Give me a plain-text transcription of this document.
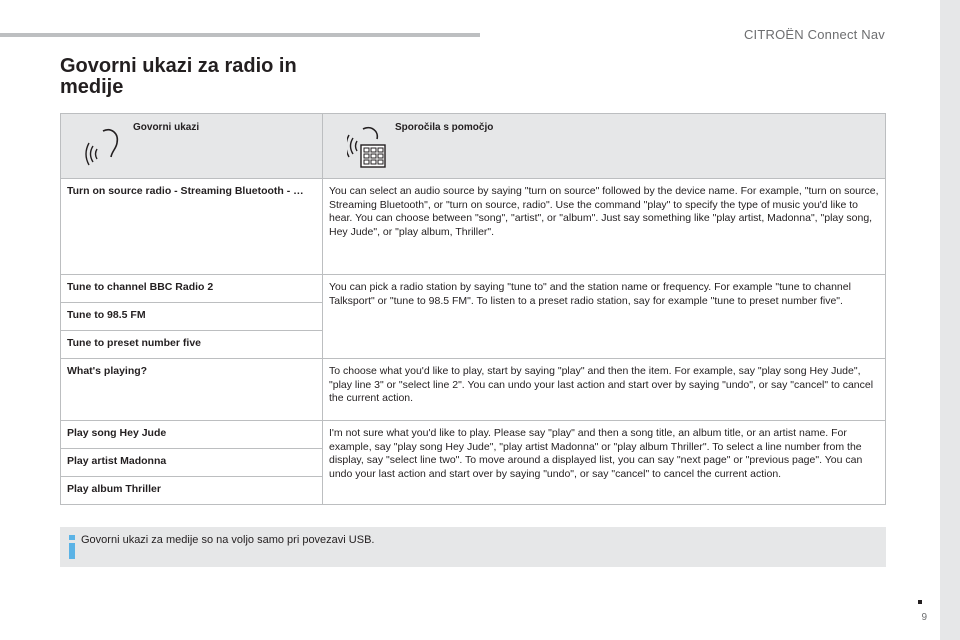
CITROËN Connect Nav
Govorni ukazi za radio in medije
Govorni ukazi	Sporočila s pomočjo

Turn on source radio - Streaming Bluetooth - …	You can select an audio source by saying "turn on source" followed by the device name. For example, "turn on source, Streaming Bluetooth", or "turn on source, radio". Use the command "play" to specify the type of music you'd like to hear. You can choose between "song", "artist", or "album". Just say something like "play artist, Madonna", "play song, Hey Jude", or "play album, Thriller".
Tune to channel BBC Radio 2	You can pick a radio station by saying "tune to" and the station name or frequency. For example "tune to channel Talksport" or "tune to 98.5 FM". To listen to a preset radio station, say for example "tune to preset number five".
Tune to 98.5 FM	
Tune to preset number five	
What's playing?	To choose what you'd like to play, start by saying "play" and then the item. For example, say "play song Hey Jude", "play line 3" or "select line 2". You can undo your last action and start over by saying "undo", or say "cancel" to cancel the current action.
Play song Hey Jude	I'm not sure what you'd like to play. Please say "play" and then a song title, an album title, or an artist name. For example, say "play song Hey Jude", "play artist Madonna" or "play album Thriller". To select a line number from the display, say "select line two". To move around a displayed list, you can say "next page" or "previous page". You can undo your last action and start over by saying "undo", or say "cancel" to cancel the current action.
Play artist Madonna	
Play album Thriller	
Govorni ukazi za medije so na voljo samo pri povezavi USB.
9
